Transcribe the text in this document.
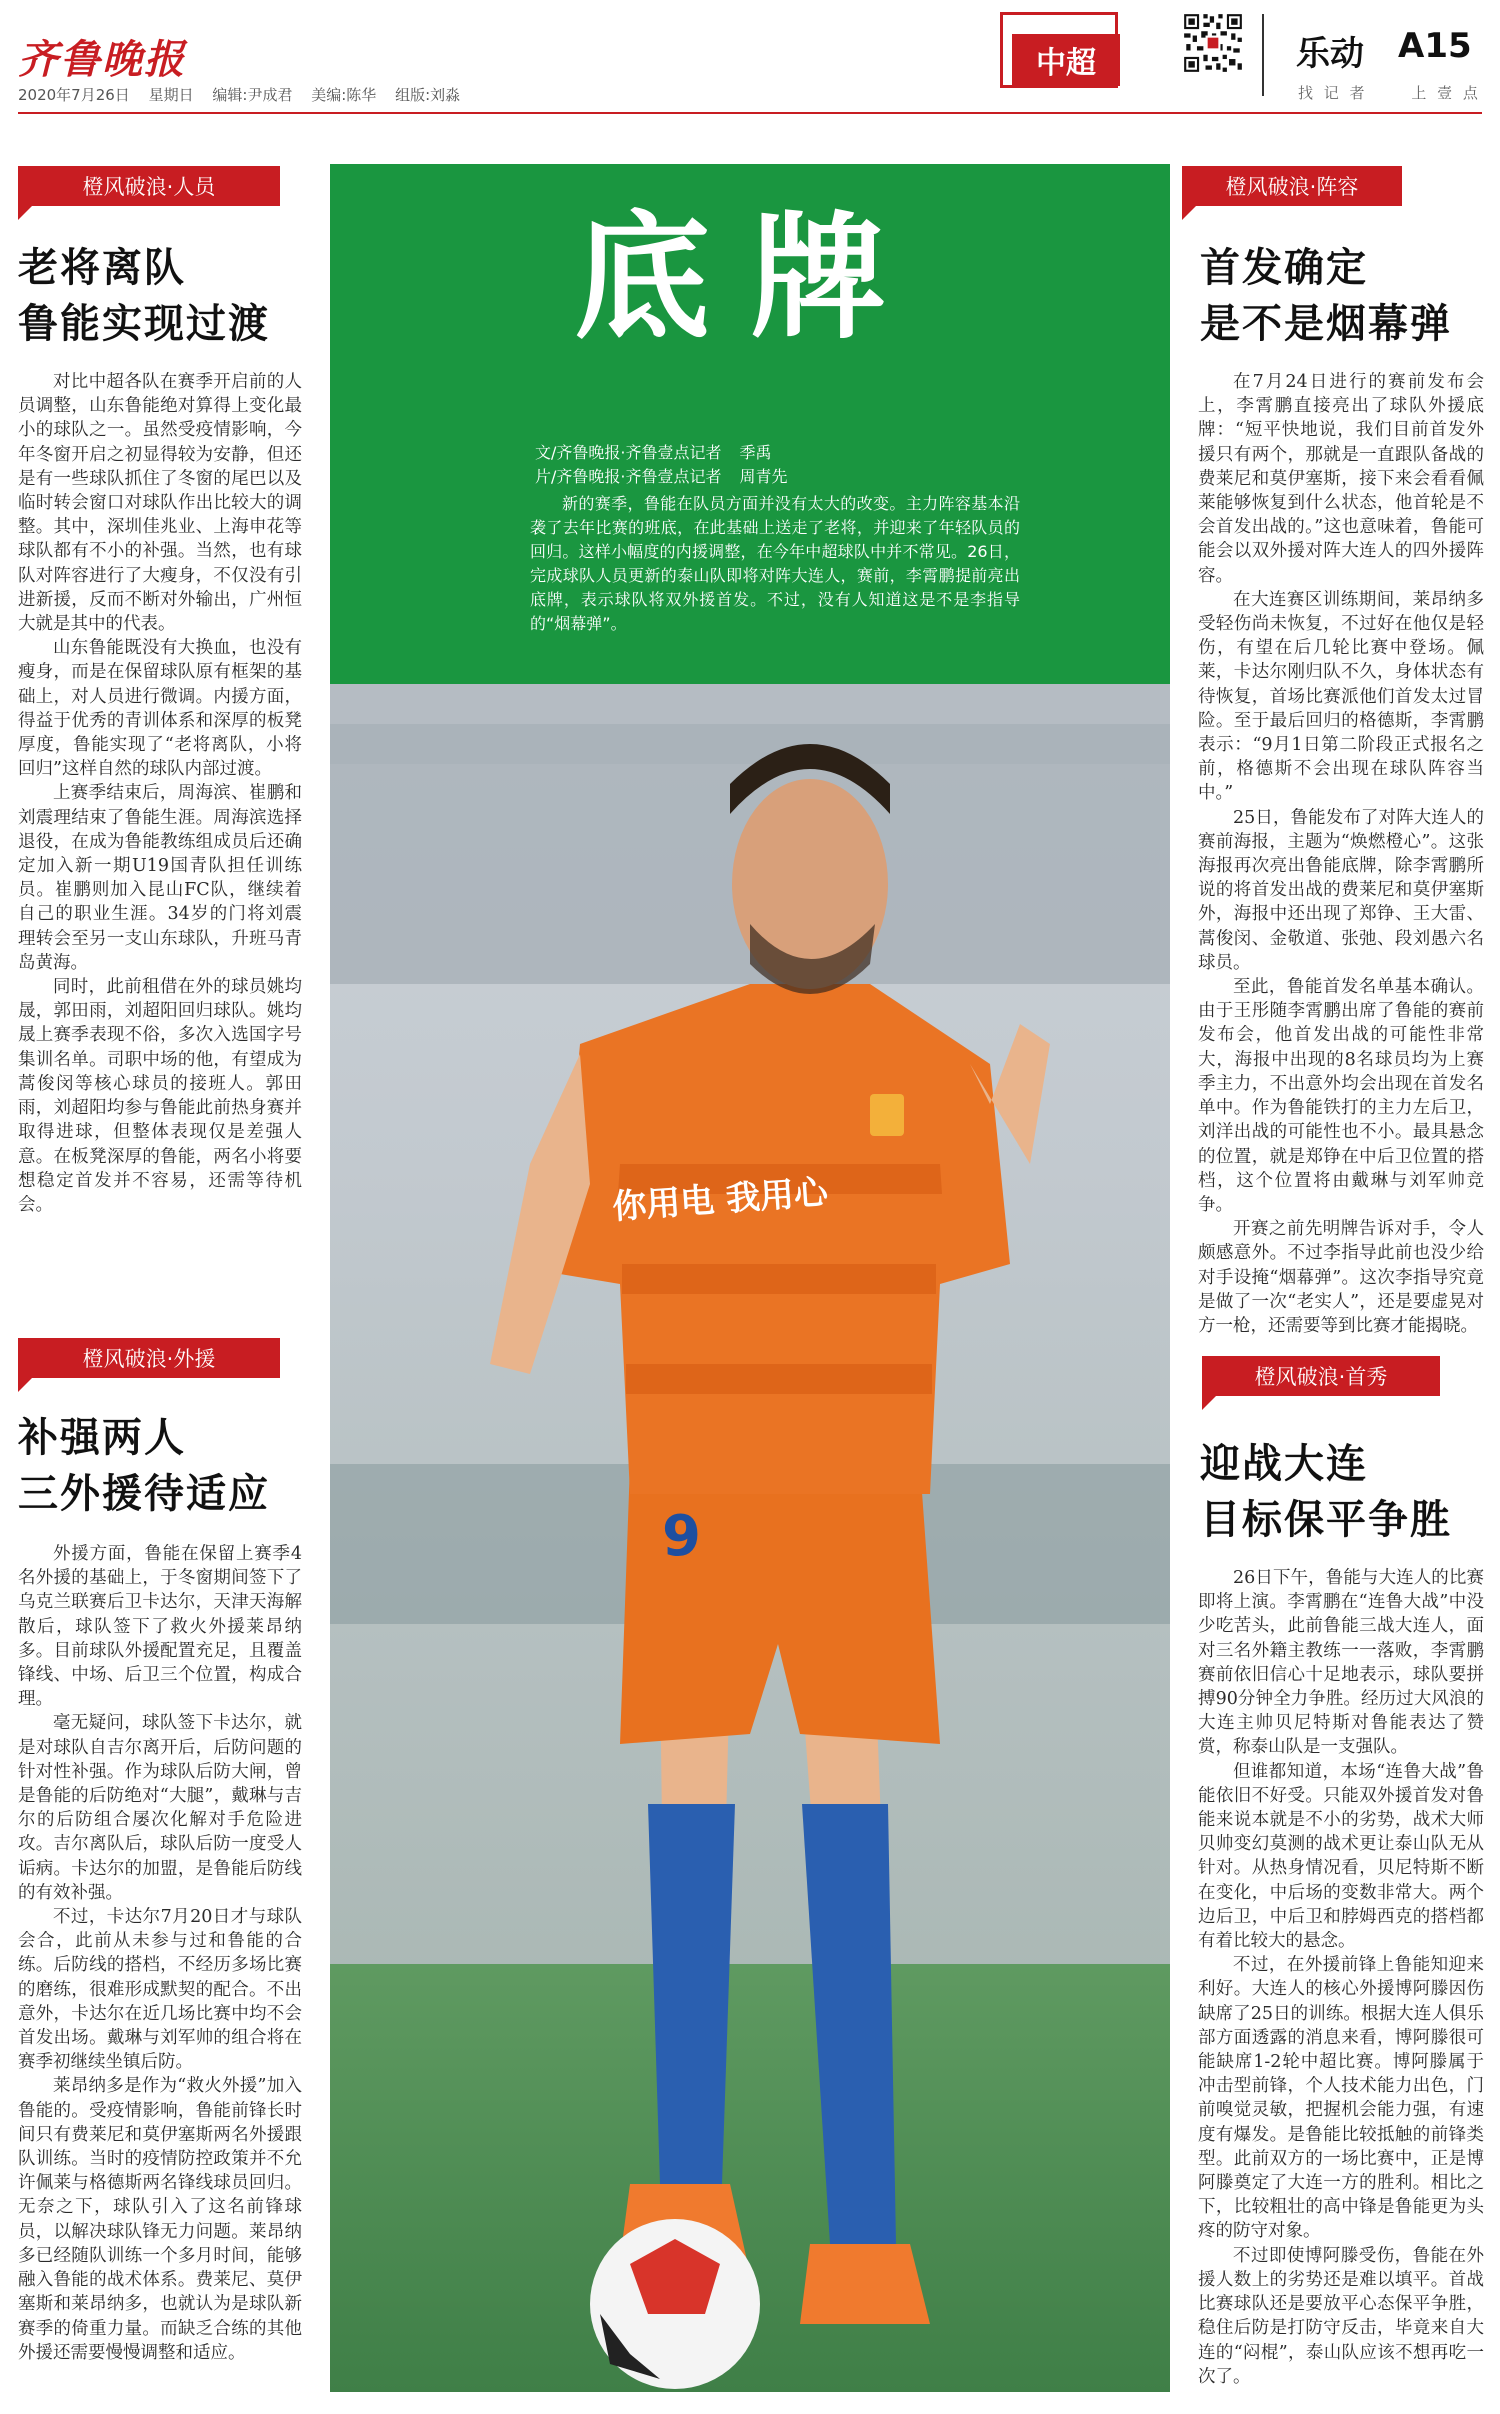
齐鲁晚报
2020年7月26日 星期日 编辑:尹成君 美编:陈华 组版:刘淼
中超	乐动 A15
找 记 者	上 壹 点
橙风破浪·人员
老将离队
鲁能实现过渡

对比中超各队在赛季开启前的人员调整，山东鲁能绝对算得上变化最小的球队之一。虽然受疫情影响，今年冬窗开启之初显得较为安静，但还是有一些球队抓住了冬窗的尾巴以及临时转会窗口对球队作出比较大的调整。其中，深圳佳兆业、上海申花等球队都有不小的补强。当然，也有球队对阵容进行了大瘦身，不仅没有引进新援，反而不断对外输出，广州恒大就是其中的代表。

山东鲁能既没有大换血，也没有瘦身，而是在保留球队原有框架的基础上，对人员进行微调。内援方面，得益于优秀的青训体系和深厚的板凳厚度，鲁能实现了“老将离队，小将回归”这样自然的球队内部过渡。

上赛季结束后，周海滨、崔鹏和刘震理结束了鲁能生涯。周海滨选择退役，在成为鲁能教练组成员后还确定加入新一期U19国青队担任训练员。崔鹏则加入昆山FC队，继续着自己的职业生涯。34岁的门将刘震理转会至另一支山东球队，升班马青岛黄海。

同时，此前租借在外的球员姚均晟，郭田雨，刘超阳回归球队。姚均晟上赛季表现不俗，多次入选国字号集训名单。司职中场的他，有望成为蒿俊闵等核心球员的接班人。郭田雨，刘超阳均参与鲁能此前热身赛并取得进球，但整体表现仅是差强人意。在板凳深厚的鲁能，两名小将要想稳定首发并不容易，还需等待机会。

橙风破浪·外援
补强两人
三外援待适应

外援方面，鲁能在保留上赛季4名外援的基础上，于冬窗期间签下了乌克兰联赛后卫卡达尔，天津天海解散后，球队签下了救火外援莱昂纳多。目前球队外援配置充足，且覆盖锋线、中场、后卫三个位置，构成合理。

毫无疑问，球队签下卡达尔，就是对球队自吉尔离开后，后防问题的针对性补强。作为球队后防大闸，曾是鲁能的后防绝对“大腿”，戴琳与吉尔的后防组合屡次化解对手危险进攻。吉尔离队后，球队后防一度受人诟病。卡达尔的加盟，是鲁能后防线的有效补强。

不过，卡达尔7月20日才与球队会合，此前从未参与过和鲁能的合练。后防线的搭档，不经历多场比赛的磨练，很难形成默契的配合。不出意外，卡达尔在近几场比赛中均不会首发出场。戴琳与刘军帅的组合将在赛季初继续坐镇后防。

莱昂纳多是作为“救火外援”加入鲁能的。受疫情影响，鲁能前锋长时间只有费莱尼和莫伊塞斯两名外援跟队训练。当时的疫情防控政策并不允许佩莱与格德斯两名锋线球员回归。无奈之下，球队引入了这名前锋球员，以解决球队锋无力问题。莱昂纳多已经随队训练一个多月时间，能够融入鲁能的战术体系。费莱尼、莫伊塞斯和莱昂纳多，也就认为是球队新赛季的倚重力量。而缺乏合练的其他外援还需要慢慢调整和适应。

底牌
文/齐鲁晚报·齐鲁壹点记者 季禹
片/齐鲁晚报·齐鲁壹点记者 周青先

新的赛季，鲁能在队员方面并没有太大的改变。主力阵容基本沿袭了去年比赛的班底，在此基础上送走了老将，并迎来了年轻队员的回归。这样小幅度的内援调整，在今年中超球队中并不常见。26日，完成球队人员更新的泰山队即将对阵大连人，赛前，李霄鹏提前亮出底牌，表示球队将双外援首发。不过，没有人知道这是不是李指导的“烟幕弹”。

你用电 我用心
9
橙风破浪·阵容
首发确定
是不是烟幕弹

在7月24日进行的赛前发布会上，李霄鹏直接亮出了球队外援底牌：“短平快地说，我们目前首发外援只有两个，那就是一直跟队备战的费莱尼和莫伊塞斯，接下来会看看佩莱能够恢复到什么状态，他首轮是不会首发出战的。”这也意味着，鲁能可能会以双外援对阵大连人的四外援阵容。

在大连赛区训练期间，莱昂纳多受轻伤尚未恢复，不过好在他仅是轻伤，有望在后几轮比赛中登场。佩莱，卡达尔刚归队不久，身体状态有待恢复，首场比赛派他们首发太过冒险。至于最后回归的格德斯，李霄鹏表示：“9月1日第二阶段正式报名之前，格德斯不会出现在球队阵容当中。”

25日，鲁能发布了对阵大连人的赛前海报，主题为“焕燃橙心”。这张海报再次亮出鲁能底牌，除李霄鹏所说的将首发出战的费莱尼和莫伊塞斯外，海报中还出现了郑铮、王大雷、蒿俊闵、金敬道、张弛、段刘愚六名球员。

至此，鲁能首发名单基本确认。由于王彤随李霄鹏出席了鲁能的赛前发布会，他首发出战的可能性非常大，海报中出现的8名球员均为上赛季主力，不出意外均会出现在首发名单中。作为鲁能铁打的主力左后卫，刘洋出战的可能性也不小。最具悬念的位置，就是郑铮在中后卫位置的搭档，这个位置将由戴琳与刘军帅竞争。

开赛之前先明牌告诉对手，令人颇感意外。不过李指导此前也没少给对手设掩“烟幕弹”。这次李指导究竟是做了一次“老实人”，还是要虚晃对方一枪，还需要等到比赛才能揭晓。

橙风破浪·首秀
迎战大连
目标保平争胜

26日下午，鲁能与大连人的比赛即将上演。李霄鹏在“连鲁大战”中没少吃苦头，此前鲁能三战大连人，面对三名外籍主教练一一落败，李霄鹏赛前依旧信心十足地表示，球队要拼搏90分钟全力争胜。经历过大风浪的大连主帅贝尼特斯对鲁能表达了赞赏，称泰山队是一支强队。

但谁都知道，本场“连鲁大战”鲁能依旧不好受。只能双外援首发对鲁能来说本就是不小的劣势，战术大师贝帅变幻莫测的战术更让泰山队无从针对。从热身情况看，贝尼特斯不断在变化，中后场的变数非常大。两个边后卫，中后卫和脖姆西克的搭档都有着比较大的悬念。

不过，在外援前锋上鲁能知迎来利好。大连人的核心外援博阿滕因伤缺席了25日的训练。根据大连人俱乐部方面透露的消息来看，博阿滕很可能缺席1-2轮中超比赛。博阿滕属于冲击型前锋，个人技术能力出色，门前嗅觉灵敏，把握机会能力强，有速度有爆发。是鲁能比较抵触的前锋类型。此前双方的一场比赛中，正是博阿滕奠定了大连一方的胜利。相比之下，比较粗壮的高中锋是鲁能更为头疼的防守对象。

不过即使博阿滕受伤，鲁能在外援人数上的劣势还是难以填平。首战比赛球队还是要放平心态保平争胜，稳住后防是打防守反击，毕竟来自大连的“闷棍”，泰山队应该不想再吃一次了。
